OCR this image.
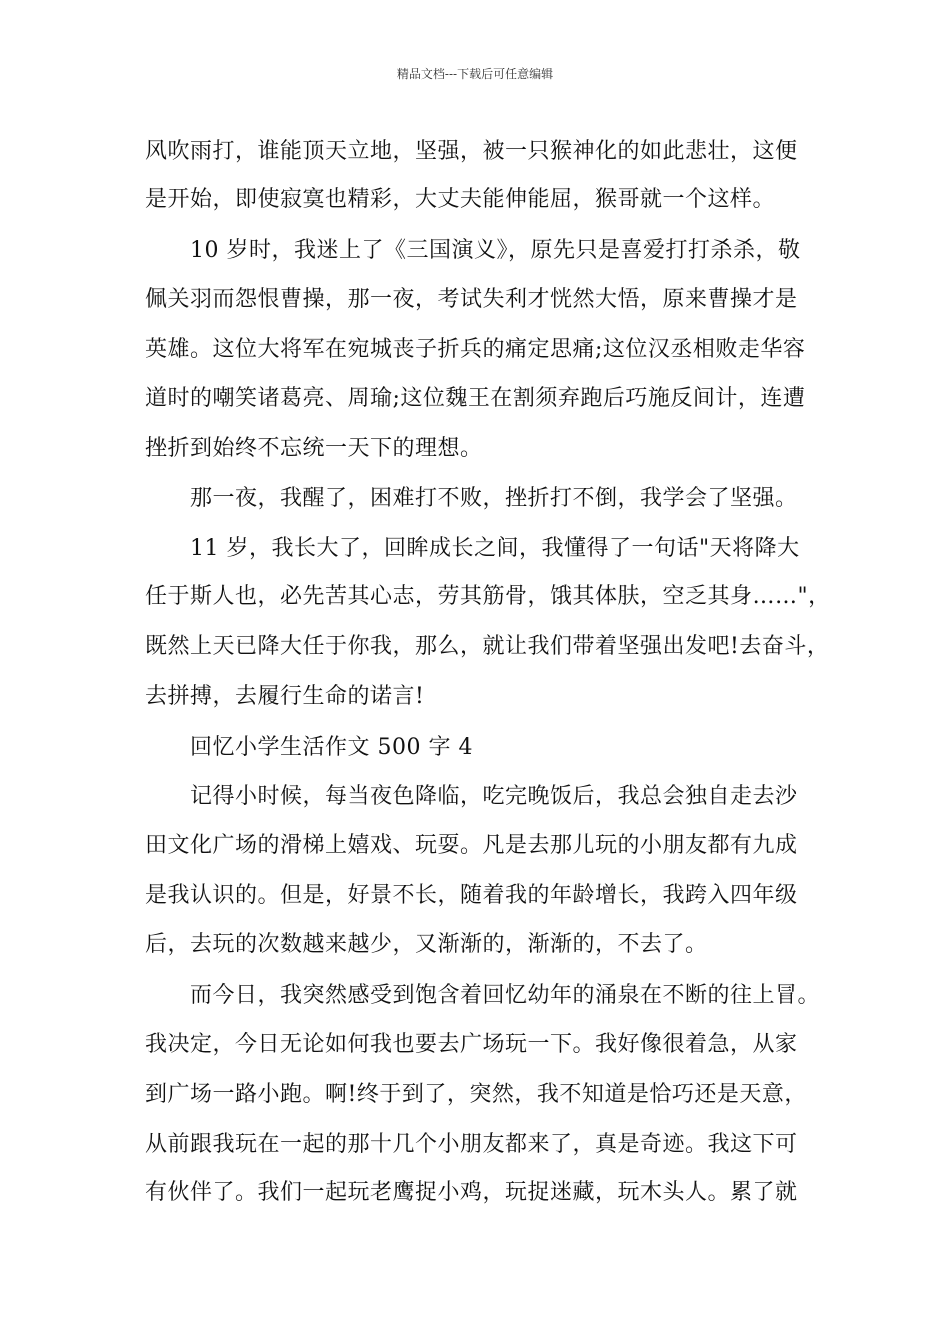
精品文档---下载后可任意编辑
风吹雨打，谁能顶天立地，坚强，被一只猴神化的如此悲壮，这便
是开始，即使寂寞也精彩，大丈夫能伸能屈，猴哥就一个这样。
10 岁时，我迷上了《三国演义》，原先只是喜爱打打杀杀，敬
佩关羽而怨恨曹操，那一夜，考试失利才恍然大悟，原来曹操才是
英雄。这位大将军在宛城丧子折兵的痛定思痛;这位汉丞相败走华容
道时的嘲笑诸葛亮、周瑜;这位魏王在割须弃跑后巧施反间计，连遭
挫折到始终不忘统一天下的理想。
那一夜，我醒了，困难打不败，挫折打不倒，我学会了坚强。
11 岁，我长大了，回眸成长之间，我懂得了一句话"天将降大
任于斯人也，必先苦其心志，劳其筋骨，饿其体肤，空乏其身……"，
既然上天已降大任于你我，那么，就让我们带着坚强出发吧!去奋斗，
去拼搏，去履行生命的诺言!
回忆小学生活作文 500 字 4
记得小时候，每当夜色降临，吃完晚饭后，我总会独自走去沙
田文化广场的滑梯上嬉戏、玩耍。凡是去那儿玩的小朋友都有九成
是我认识的。但是，好景不长，随着我的年龄增长，我跨入四年级
后，去玩的次数越来越少，又渐渐的，渐渐的，不去了。
而今日，我突然感受到饱含着回忆幼年的涌泉在不断的往上冒。
我决定，今日无论如何我也要去广场玩一下。我好像很着急，从家
到广场一路小跑。啊!终于到了，突然，我不知道是恰巧还是天意，
从前跟我玩在一起的那十几个小朋友都来了，真是奇迹。我这下可
有伙伴了。我们一起玩老鹰捉小鸡，玩捉迷藏，玩木头人。累了就
